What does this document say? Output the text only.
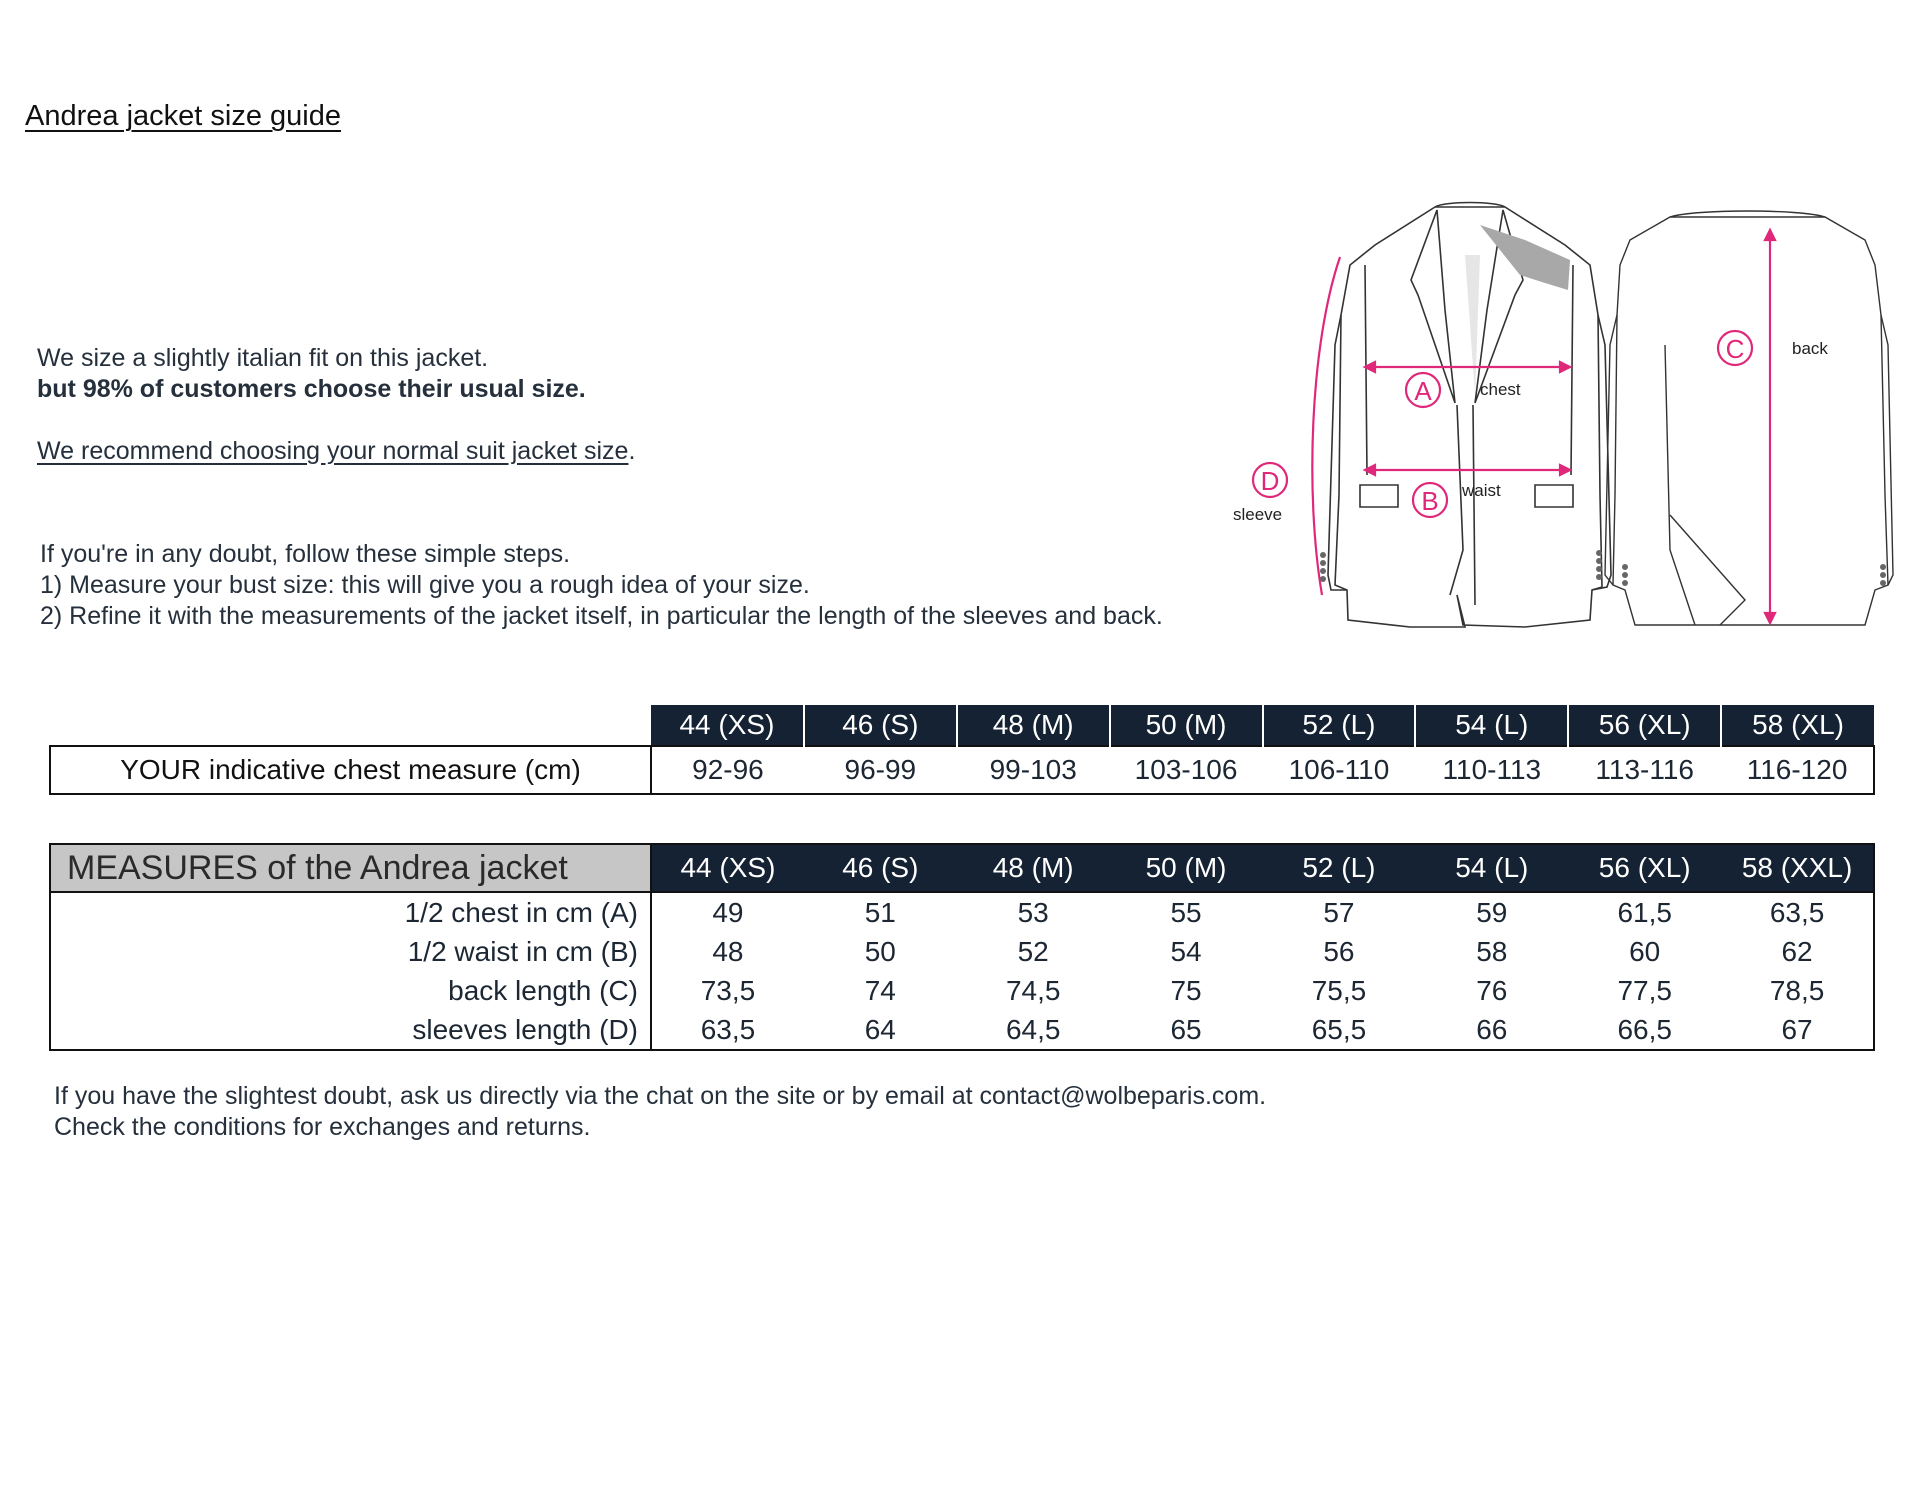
Andrea jacket size guide
We size a slightly italian fit on this jacket.
but 98% of customers choose their usual size.
We recommend choosing your normal suit jacket size.
If you're in any doubt, follow these simple steps.
1) Measure your bust size: this will give you a rough idea of your size.
2) Refine it with the measurements of the jacket itself, in particular the length of the sleeves and back.
A
B
C
D
chest
waist
sleeve
back
	44 (XS)	46 (S)	48 (M)	50 (M)	52 (L)	54 (L)	56 (XL)	58 (XL)
YOUR indicative chest measure (cm)	92-96	96-99	99-103	103-106	106-110	110-113	113-116	116-120
MEASURES of the Andrea jacket	44 (XS)	46 (S)	48 (M)	50 (M)	52 (L)	54 (L)	56 (XL)	58 (XXL)
1/2 chest in cm (A)	49	51	53	55	57	59	61,5	63,5
1/2 waist in cm (B)	48	50	52	54	56	58	60	62
back length (C)	73,5	74	74,5	75	75,5	76	77,5	78,5
sleeves length (D)	63,5	64	64,5	65	65,5	66	66,5	67
If you have the slightest doubt, ask us directly via the chat on the site or by email at contact@wolbeparis.com.
Check the conditions for exchanges and returns.
